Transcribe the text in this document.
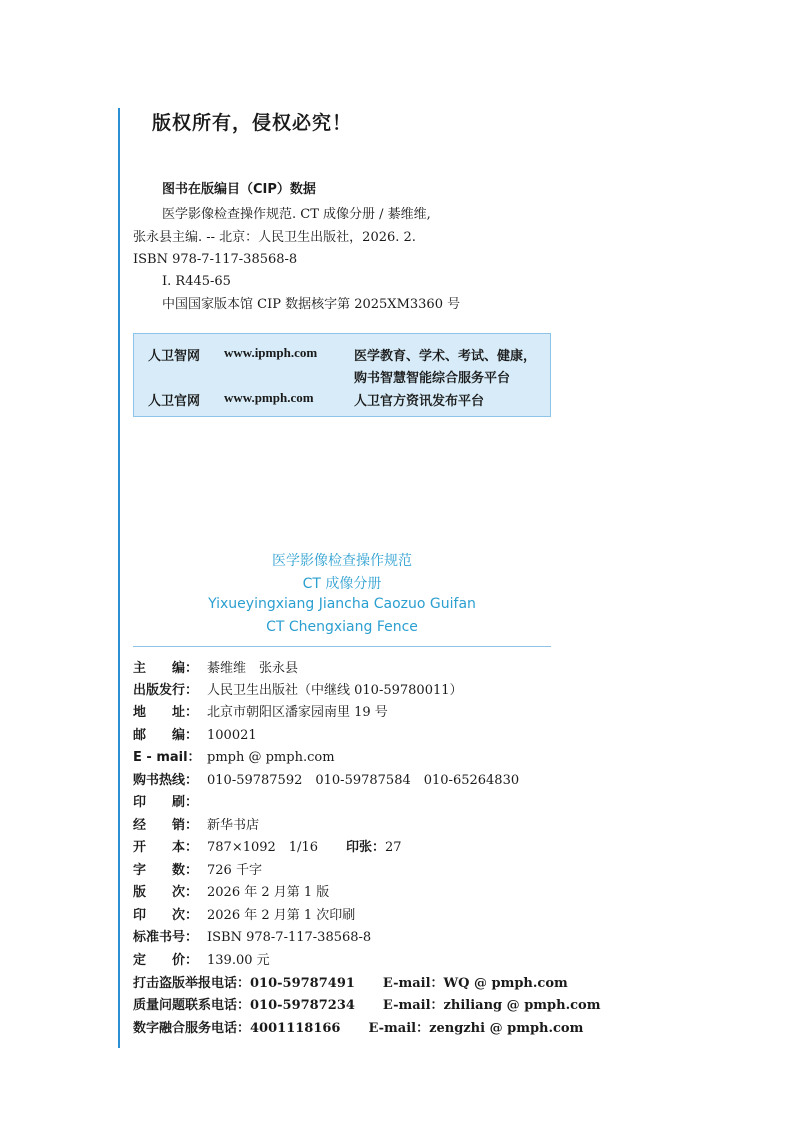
版权所有，侵权必究！
图书在版编目（CIP）数据
医学影像检查操作规范. CT 成像分册 / 綦维维,
张永县主编. -- 北京：人民卫生出版社，2026. 2.
ISBN 978-7-117-38568-8
Ⅰ. R445-65
中国国家版本馆 CIP 数据核字第 2025XM3360 号
人卫智网 www.ipmph.com	医学教育、学术、考试、健康，
购书智慧智能综合服务平台
人卫官网 www.pmph.com	人卫官方资讯发布平台
医学影像检查操作规范
CT 成像分册
Yixueyingxiang Jiancha Caozuo Guifan
CT Chengxiang Fence
主　　编： 綦维维　张永县
出版发行： 人民卫生出版社（中继线 010-59780011）
地　　址： 北京市朝阳区潘家园南里 19 号
邮　　编： 100021
E - mail： pmph @ pmph.com
购书热线： 010-59787592　010-59787584　010-65264830
印　　刷：
经　　销： 新华书店
开　　本： 787×1092　1/16 印张：27
字　　数： 726 千字
版　　次： 2026 年 2 月第 1 版
印　　次： 2026 年 2 月第 1 次印刷
标准书号： ISBN 978-7-117-38568-8
定　　价： 139.00 元
打击盗版举报电话：010-59787491 E-mail：WQ @ pmph.com
质量问题联系电话：010-59787234 E-mail：zhiliang @ pmph.com
数字融合服务电话：4001118166 E-mail：zengzhi @ pmph.com
